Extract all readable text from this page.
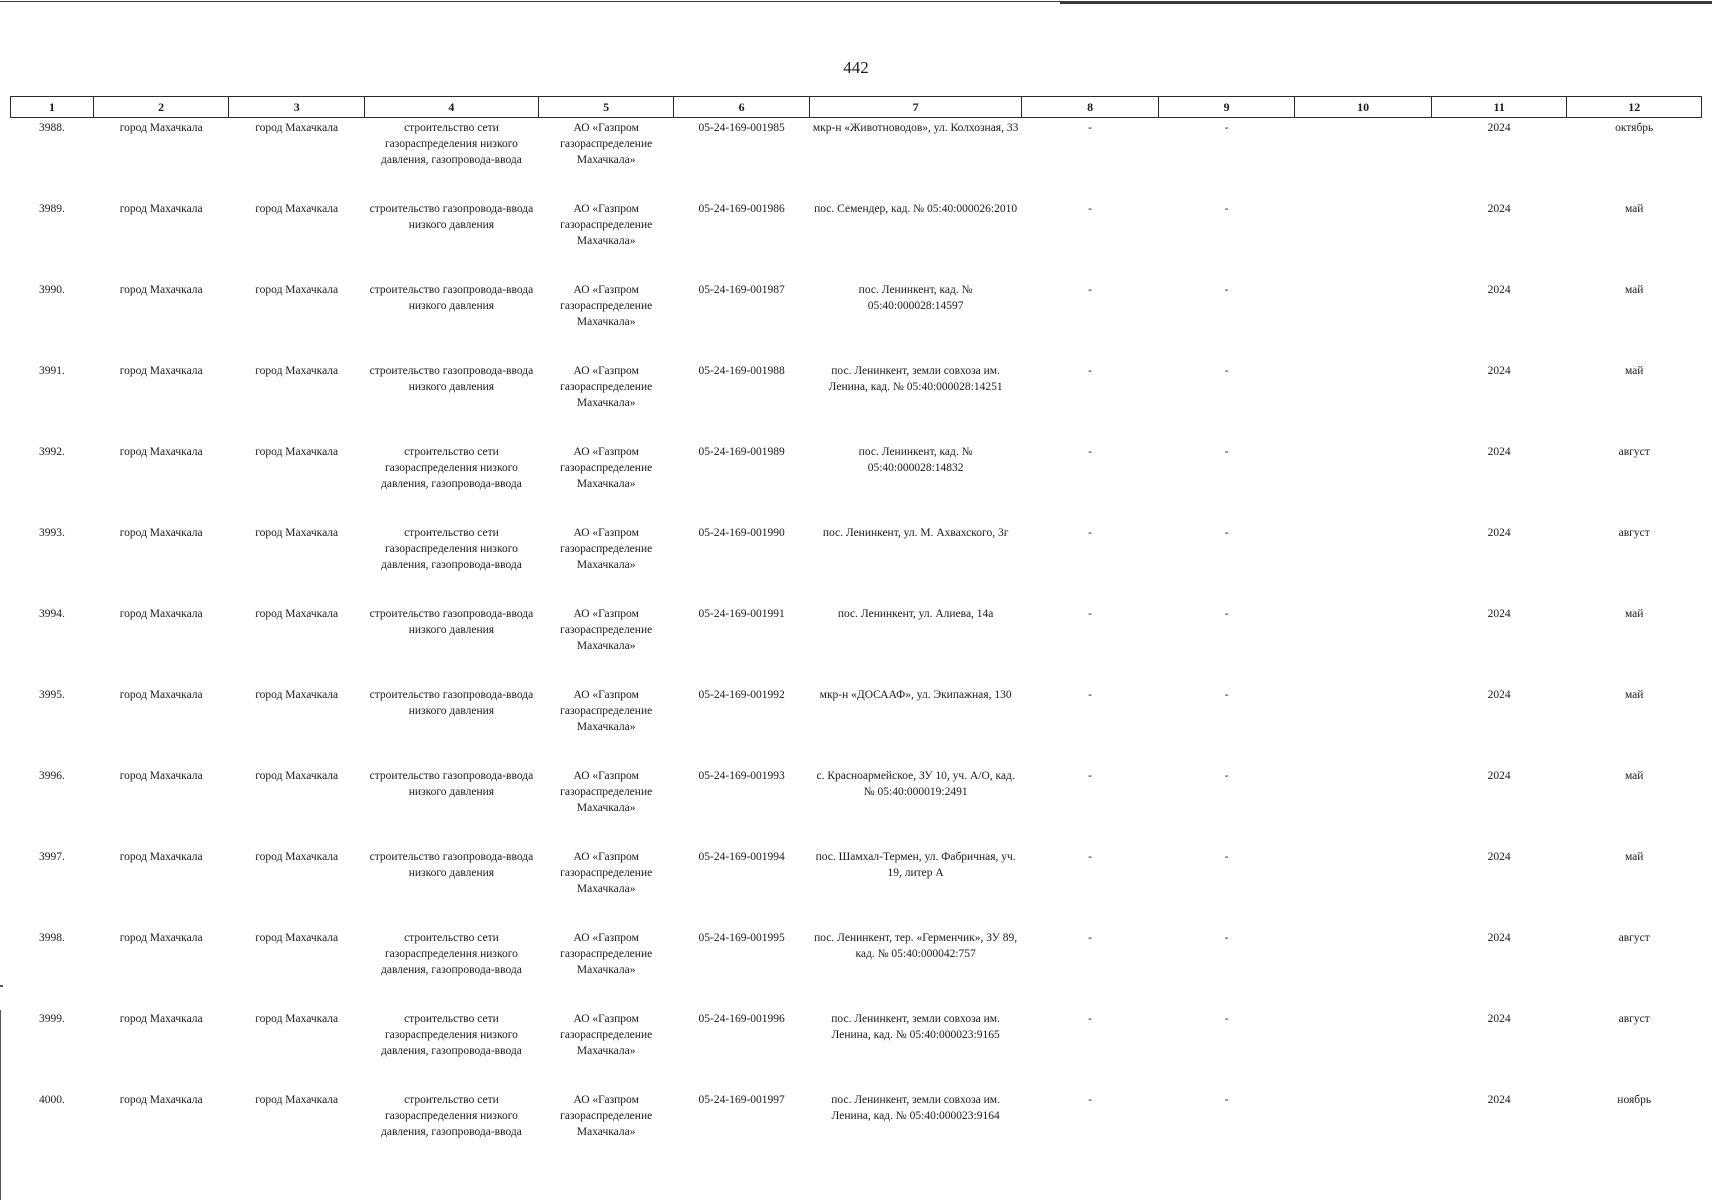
442
1	2	3	4	5	6	7	8	9	10	11	12
3988.	город Махачкала	город Махачкала	строительство сети газораспределения низкого давления, газопровода-ввода	АО «Газпром газораспределение Махачкала»	05-24-169-001985	мкр-н «Животноводов», ул. Колхозная, 33	-	-		2024	октябрь
3989.	город Махачкала	город Махачкала	строительство газопровода-ввода низкого давления	АО «Газпром газораспределение Махачкала»	05-24-169-001986	пос. Семендер, кад. № 05:40:000026:2010	-	-		2024	май
3990.	город Махачкала	город Махачкала	строительство газопровода-ввода низкого давления	АО «Газпром газораспределение Махачкала»	05-24-169-001987	пос. Ленинкент, кад. № 05:40:000028:14597	-	-		2024	май
3991.	город Махачкала	город Махачкала	строительство газопровода-ввода низкого давления	АО «Газпром газораспределение Махачкала»	05-24-169-001988	пос. Ленинкент, земли совхоза им. Ленина, кад. № 05:40:000028:14251	-	-		2024	май
3992.	город Махачкала	город Махачкала	строительство сети газораспределения низкого давления, газопровода-ввода	АО «Газпром газораспределение Махачкала»	05-24-169-001989	пос. Ленинкент, кад. № 05:40:000028:14832	-	-		2024	август
3993.	город Махачкала	город Махачкала	строительство сети газораспределения низкого давления, газопровода-ввода	АО «Газпром газораспределение Махачкала»	05-24-169-001990	пос. Ленинкент, ул. М. Ахвахского, 3г	-	-		2024	август
3994.	город Махачкала	город Махачкала	строительство газопровода-ввода низкого давления	АО «Газпром газораспределение Махачкала»	05-24-169-001991	пос. Ленинкент, ул. Алиева, 14а	-	-		2024	май
3995.	город Махачкала	город Махачкала	строительство газопровода-ввода низкого давления	АО «Газпром газораспределение Махачкала»	05-24-169-001992	мкр-н «ДОСААФ», ул. Экипажная, 130	-	-		2024	май
3996.	город Махачкала	город Махачкала	строительство газопровода-ввода низкого давления	АО «Газпром газораспределение Махачкала»	05-24-169-001993	с. Красноармейское, ЗУ 10, уч. А/О, кад. № 05:40:000019:2491	-	-		2024	май
3997.	город Махачкала	город Махачкала	строительство газопровода-ввода низкого давления	АО «Газпром газораспределение Махачкала»	05-24-169-001994	пос. Шамхал-Термен, ул. Фабричная, уч. 19, литер А	-	-		2024	май
3998.	город Махачкала	город Махачкала	строительство сети газораспределения низкого давления, газопровода-ввода	АО «Газпром газораспределение Махачкала»	05-24-169-001995	пос. Ленинкент, тер. «Герменчик», ЗУ 89, кад. № 05:40:000042:757	-	-		2024	август
3999.	город Махачкала	город Махачкала	строительство сети газораспределения низкого давления, газопровода-ввода	АО «Газпром газораспределение Махачкала»	05-24-169-001996	пос. Ленинкент, земли совхоза им. Ленина, кад. № 05:40:000023:9165	-	-		2024	август
4000.	город Махачкала	город Махачкала	строительство сети газораспределения низкого давления, газопровода-ввода	АО «Газпром газораспределение Махачкала»	05-24-169-001997	пос. Ленинкент, земли совхоза им. Ленина, кад. № 05:40:000023:9164	-	-		2024	ноябрь
